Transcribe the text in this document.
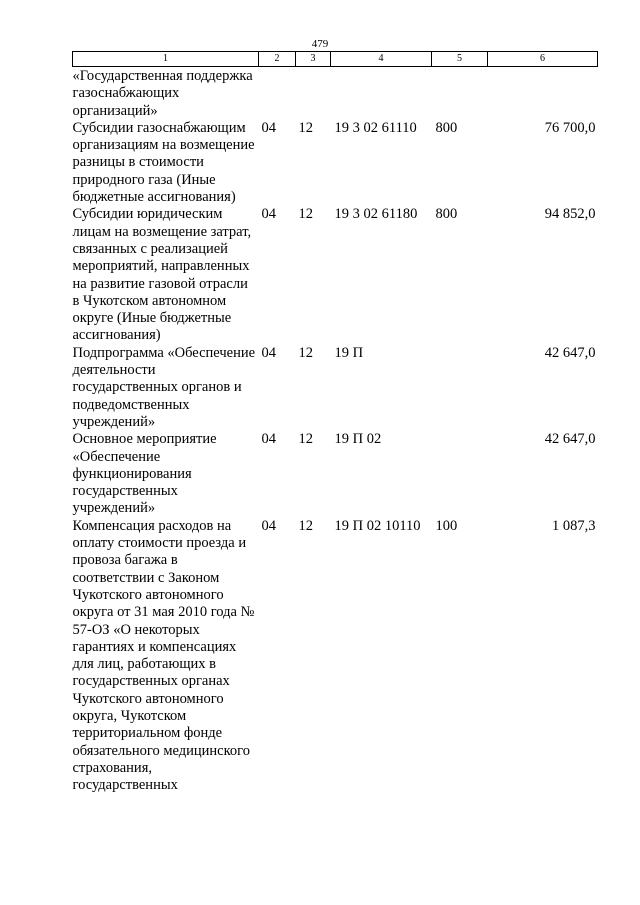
479
1	2	3	4	5	6
«Государственная поддержка газоснабжающих организаций»					
Субсидии газоснабжающим организациям на возмещение разницы в стоимости природного газа (Иные бюджетные ассигнования)	04	12	19 3 02 61110	800	76 700,0
Субсидии юридическим лицам на возмещение затрат, связанных с реализацией мероприятий, направленных на развитие газовой отрасли в Чукотском автономном округе (Иные бюджетные ассигнования)	04	12	19 3 02 61180	800	94 852,0
Подпрограмма «Обеспечение деятельности государственных органов и подведомственных учреждений»	04	12	19 П		42 647,0
Основное мероприятие «Обеспечение функционирования государственных учреждений»	04	12	19 П 02		42 647,0
Компенсация расходов на оплату стоимости проезда и провоза багажа в соответствии с Законом Чукотского автономного округа от 31 мая 2010 года № 57-ОЗ «О некоторых гарантиях и компенсациях для лиц, работающих в государственных органах Чукотского автономного округа, Чукотском территориальном фонде обязательного медицинского страхования, государственных	04	12	19 П 02 10110	100	1 087,3
